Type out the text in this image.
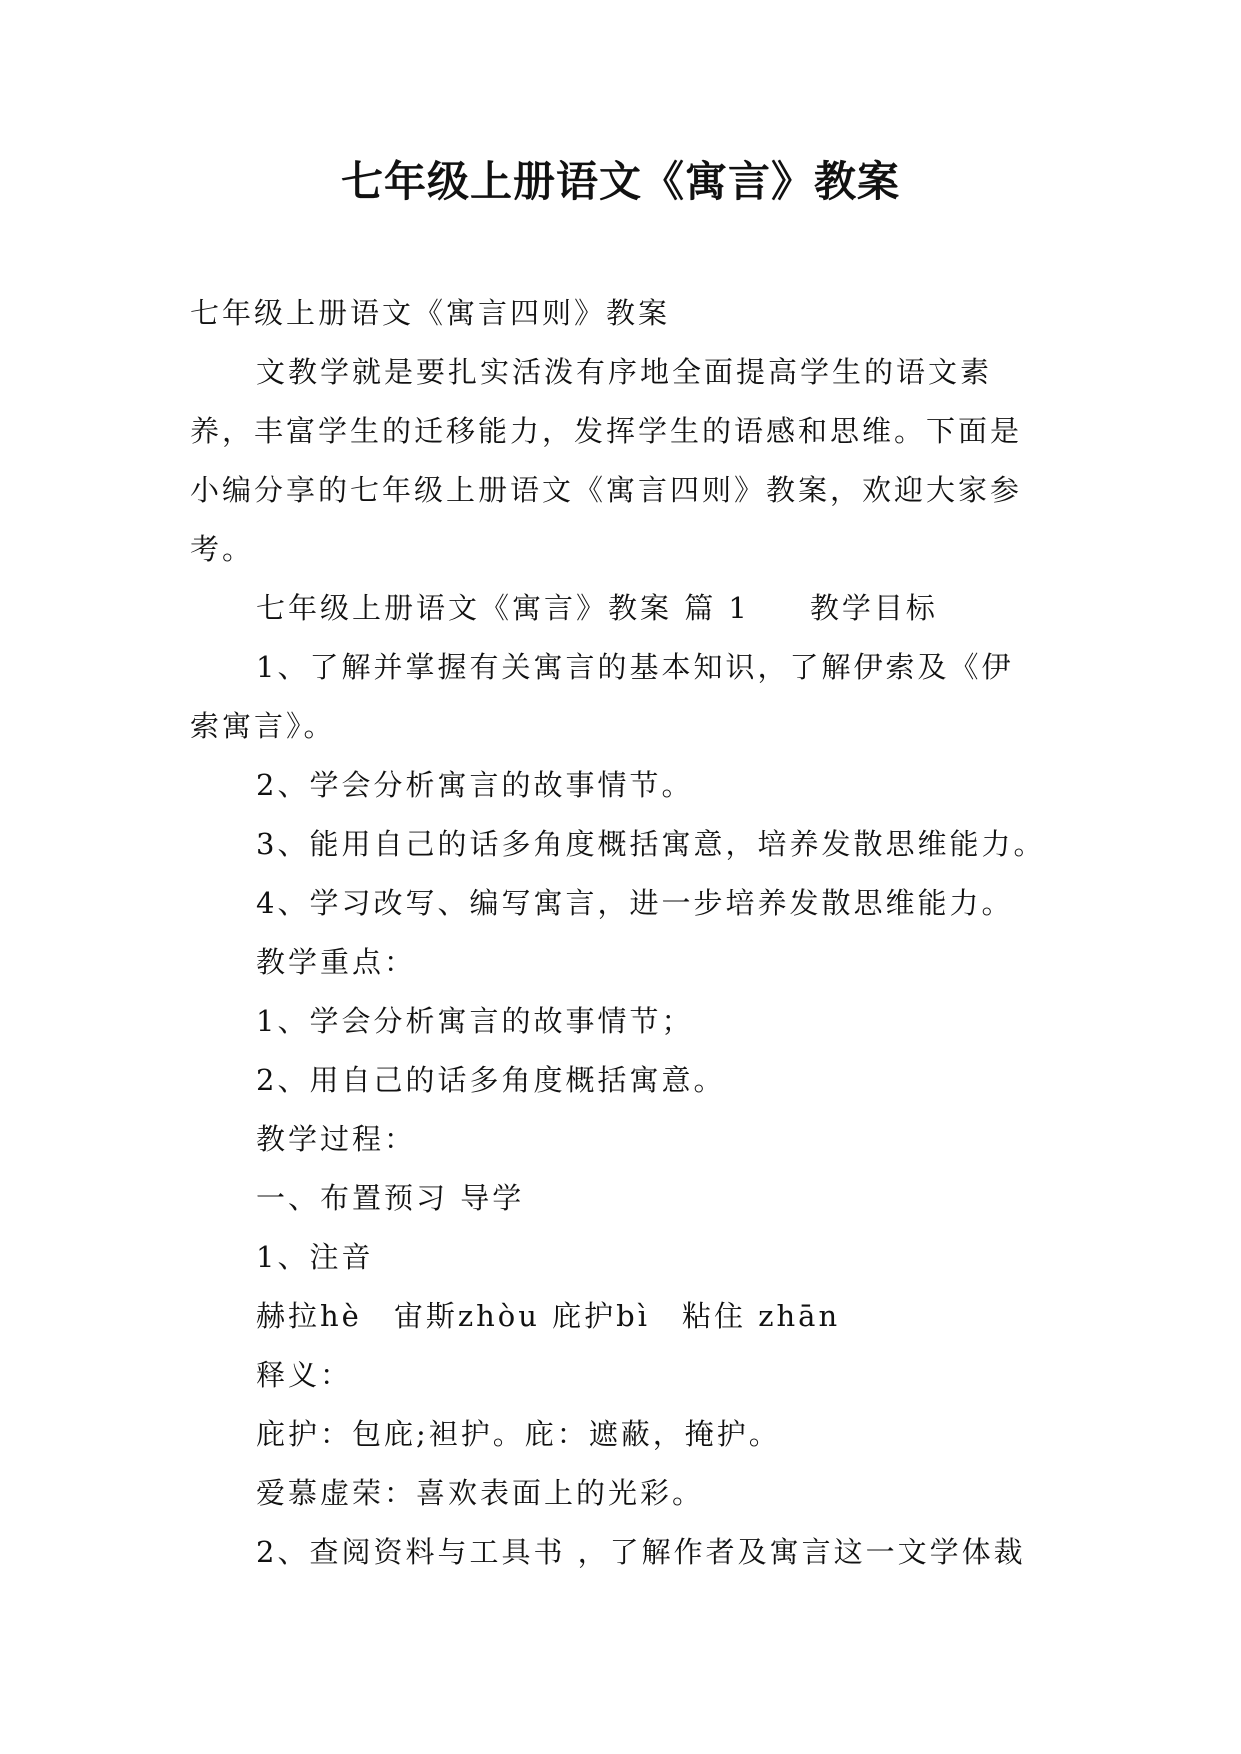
七年级上册语文《寓言》教案

七年级上册语文《寓言四则》教案

文教学就是要扎实活泼有序地全面提高学生的语文素

养，丰富学生的迁移能力，发挥学生的语感和思维。下面是

小编分享的七年级上册语文《寓言四则》教案，欢迎大家参

考。

七年级上册语文《寓言》教案 篇 1 教学目标

1、了解并掌握有关寓言的基本知识，了解伊索及《伊

索寓言》。

2、学会分析寓言的故事情节。

3、能用自己的话多角度概括寓意，培养发散思维能力。

4、学习改写、编写寓言，进一步培养发散思维能力。

教学重点：

1、学会分析寓言的故事情节；

2、用自己的话多角度概括寓意。

教学过程：

一、布置预习 导学

1、注音

赫拉hè　宙斯zhòu 庇护bì　粘住 zhān

释义：

庇护：包庇;袒护。庇：遮蔽，掩护。

爱慕虚荣：喜欢表面上的光彩。

2、查阅资料与工具书 ，了解作者及寓言这一文学体裁
